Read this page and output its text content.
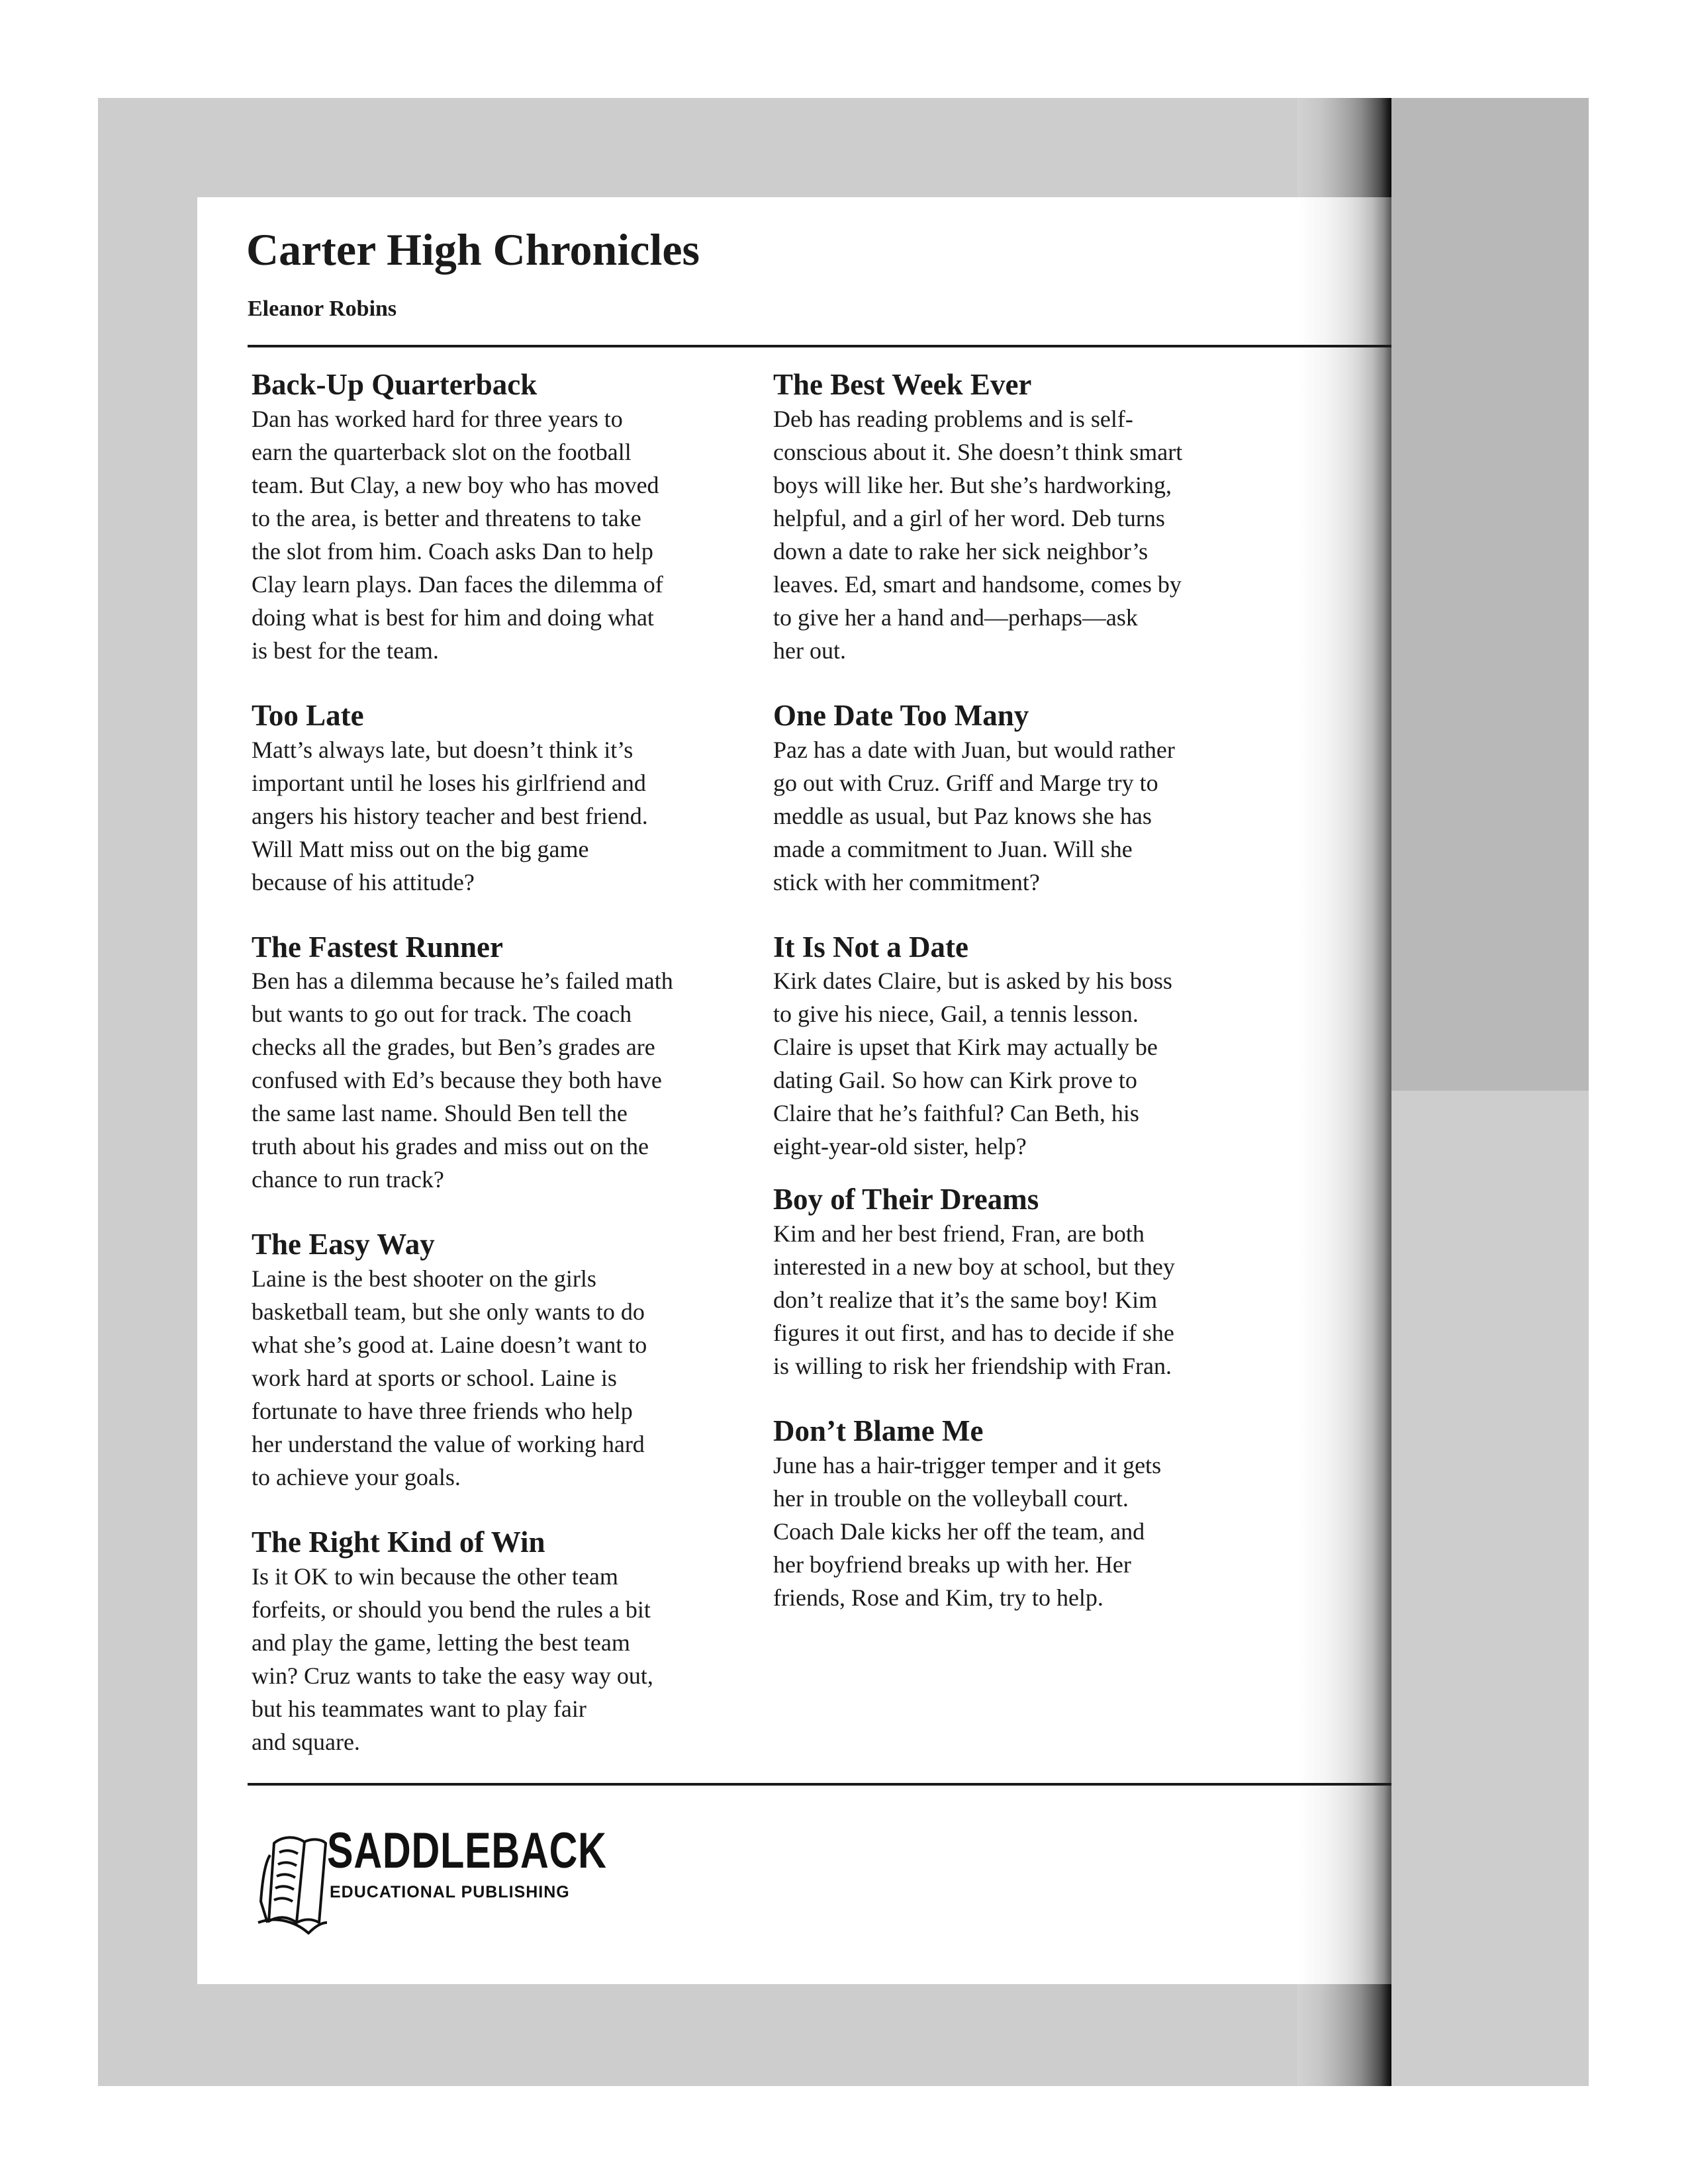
Carter High Chronicles
Eleanor Robins
Back-Up Quarterback

Dan has worked hard for three years to
earn the quarterback slot on the football
team. But Clay, a new boy who has moved
to the area, is better and threatens to take
the slot from him. Coach asks Dan to help
Clay learn plays. Dan faces the dilemma of
doing what is best for him and doing what
is best for the team.

Too Late

Matt’s always late, but doesn’t think it’s
important until he loses his girlfriend and
angers his history teacher and best friend.
Will Matt miss out on the big game
because of his attitude?

The Fastest Runner

Ben has a dilemma because he’s failed math
but wants to go out for track. The coach
checks all the grades, but Ben’s grades are
confused with Ed’s because they both have
the same last name. Should Ben tell the
truth about his grades and miss out on the
chance to run track?

The Easy Way

Laine is the best shooter on the girls
basketball team, but she only wants to do
what she’s good at. Laine doesn’t want to
work hard at sports or school. Laine is
fortunate to have three friends who help
her understand the value of working hard
to achieve your goals.

The Right Kind of Win

Is it OK to win because the other team
forfeits, or should you bend the rules a bit
and play the game, letting the best team
win? Cruz wants to take the easy way out,
but his teammates want to play fair
and square.

The Best Week Ever

Deb has reading problems and is self-
conscious about it. She doesn’t think smart
boys will like her. But she’s hardworking,
helpful, and a girl of her word. Deb turns
down a date to rake her sick neighbor’s
leaves. Ed, smart and handsome, comes by
to give her a hand and—perhaps—ask
her out.

One Date Too Many

Paz has a date with Juan, but would rather
go out with Cruz. Griff and Marge try to
meddle as usual, but Paz knows she has
made a commitment to Juan. Will she
stick with her commitment?

It Is Not a Date

Kirk dates Claire, but is asked by his boss
to give his niece, Gail, a tennis lesson.
Claire is upset that Kirk may actually be
dating Gail. So how can Kirk prove to
Claire that he’s faithful? Can Beth, his
eight-year-old sister, help?

Boy of Their Dreams

Kim and her best friend, Fran, are both
interested in a new boy at school, but they
don’t realize that it’s the same boy! Kim
figures it out first, and has to decide if she
is willing to risk her friendship with Fran.

Don’t Blame Me

June has a hair-trigger temper and it gets
her in trouble on the volleyball court.
Coach Dale kicks her off the team, and
her boyfriend breaks up with her. Her
friends, Rose and Kim, try to help.

SADDLEBACK
EDUCATIONAL PUBLISHING
